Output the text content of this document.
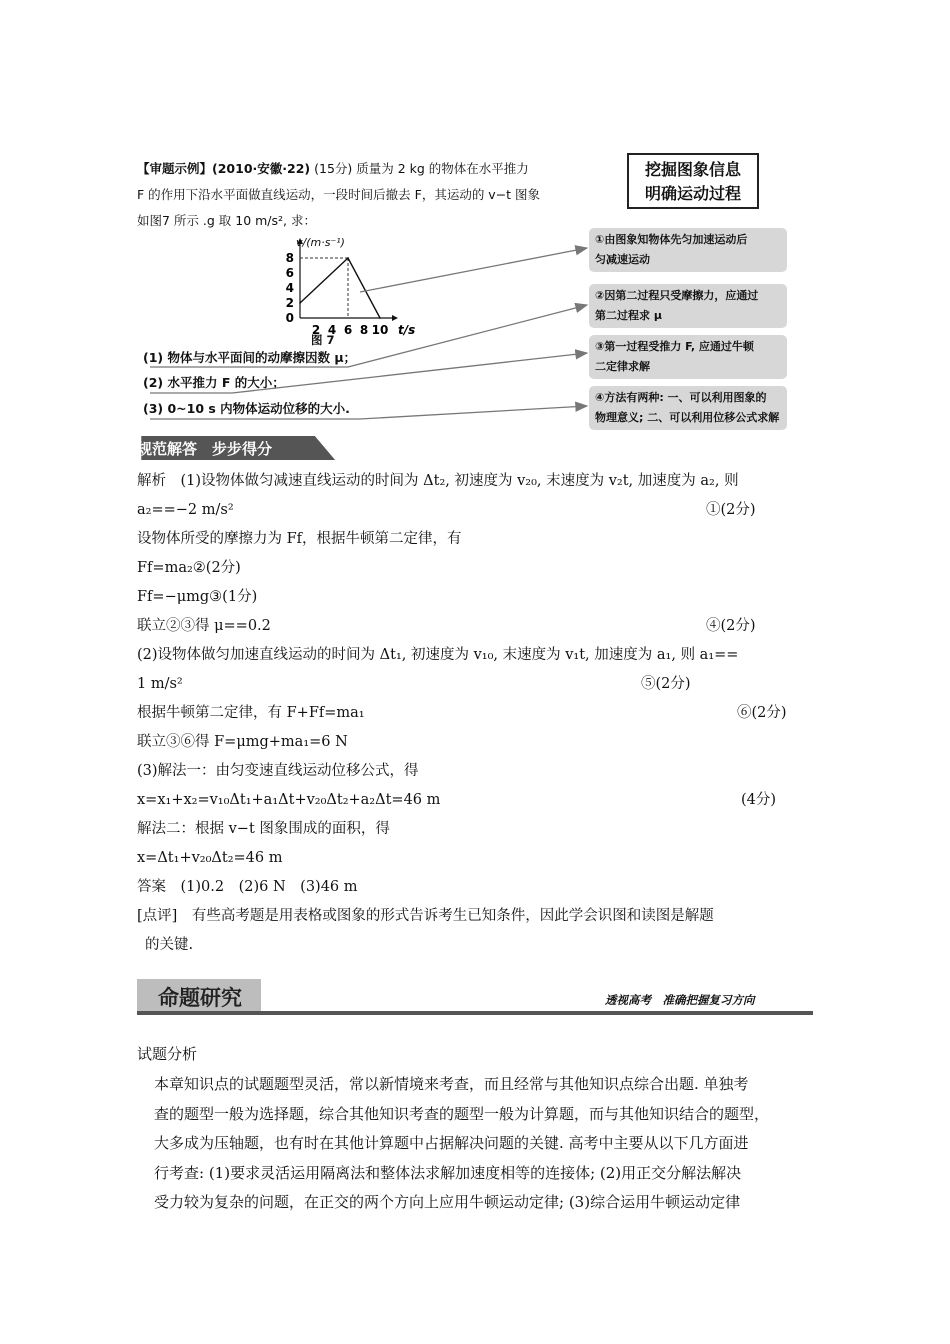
【审题示例】(2010·安徽·22) (15分) 质量为 2 kg 的物体在水平推力
F 的作用下沿水平面做直线运动，一段时间后撤去 F，其运动的 v−t 图象
如图7 所示 .g 取 10 m/s², 求：
0
2
4
6
8
2 4 6 8 10 t/s
v/(m·s⁻¹)
图 7
(1) 物体与水平面间的动摩擦因数 μ；
(2) 水平推力 F 的大小；
(3) 0~10 s 内物体运动位移的大小.
挖掘图象信息
明确运动过程
①由图象知物体先匀加速运动后
匀减速运动
②因第二过程只受摩擦力，应通过
第二过程求 μ
③第一过程受推力 F, 应通过牛顿
二定律求解
④方法有两种: 一、可以利用图象的
物理意义; 二、可以利用位移公式求解
规范解答　步步得分
解析　(1)设物体做匀减速直线运动的时间为 Δt₂, 初速度为 v₂₀, 末速度为 v₂t, 加速度为 a₂, 则
a₂==−2 m/s²	①(2分)
设物体所受的摩擦力为 Ff，根据牛顿第二定律，有
Ff=ma₂②(2分)
Ff=−μmg③(1分)
联立②③得 μ==0.2	④(2分)
(2)设物体做匀加速直线运动的时间为 Δt₁, 初速度为 v₁₀, 末速度为 v₁t, 加速度为 a₁, 则 a₁==
1 m/s²	⑤(2分)
根据牛顿第二定律，有 F+Ff=ma₁	⑥(2分)
联立③⑥得 F=μmg+ma₁=6 N
(3)解法一：由匀变速直线运动位移公式，得
x=x₁+x₂=v₁₀Δt₁+a₁Δt+v₂₀Δt₂+a₂Δt=46 m	(4分)
解法二：根据 v−t 图象围成的面积，得
x=Δt₁+v₂₀Δt₂=46 m
答案　(1)0.2　(2)6 N　(3)46 m
[点评]　有些高考题是用表格或图象的形式告诉考生已知条件，因此学会识图和读图是解题
的关键.
命题研究	透视高考　准确把握复习方向
试题分析
本章知识点的试题题型灵活，常以新情境来考查，而且经常与其他知识点综合出题. 单独考
查的题型一般为选择题，综合其他知识考查的题型一般为计算题，而与其他知识结合的题型，
大多成为压轴题，也有时在其他计算题中占据解决问题的关键. 高考中主要从以下几方面进
行考查: (1)要求灵活运用隔离法和整体法求解加速度相等的连接体; (2)用正交分解法解决
受力较为复杂的问题，在正交的两个方向上应用牛顿运动定律; (3)综合运用牛顿运动定律
